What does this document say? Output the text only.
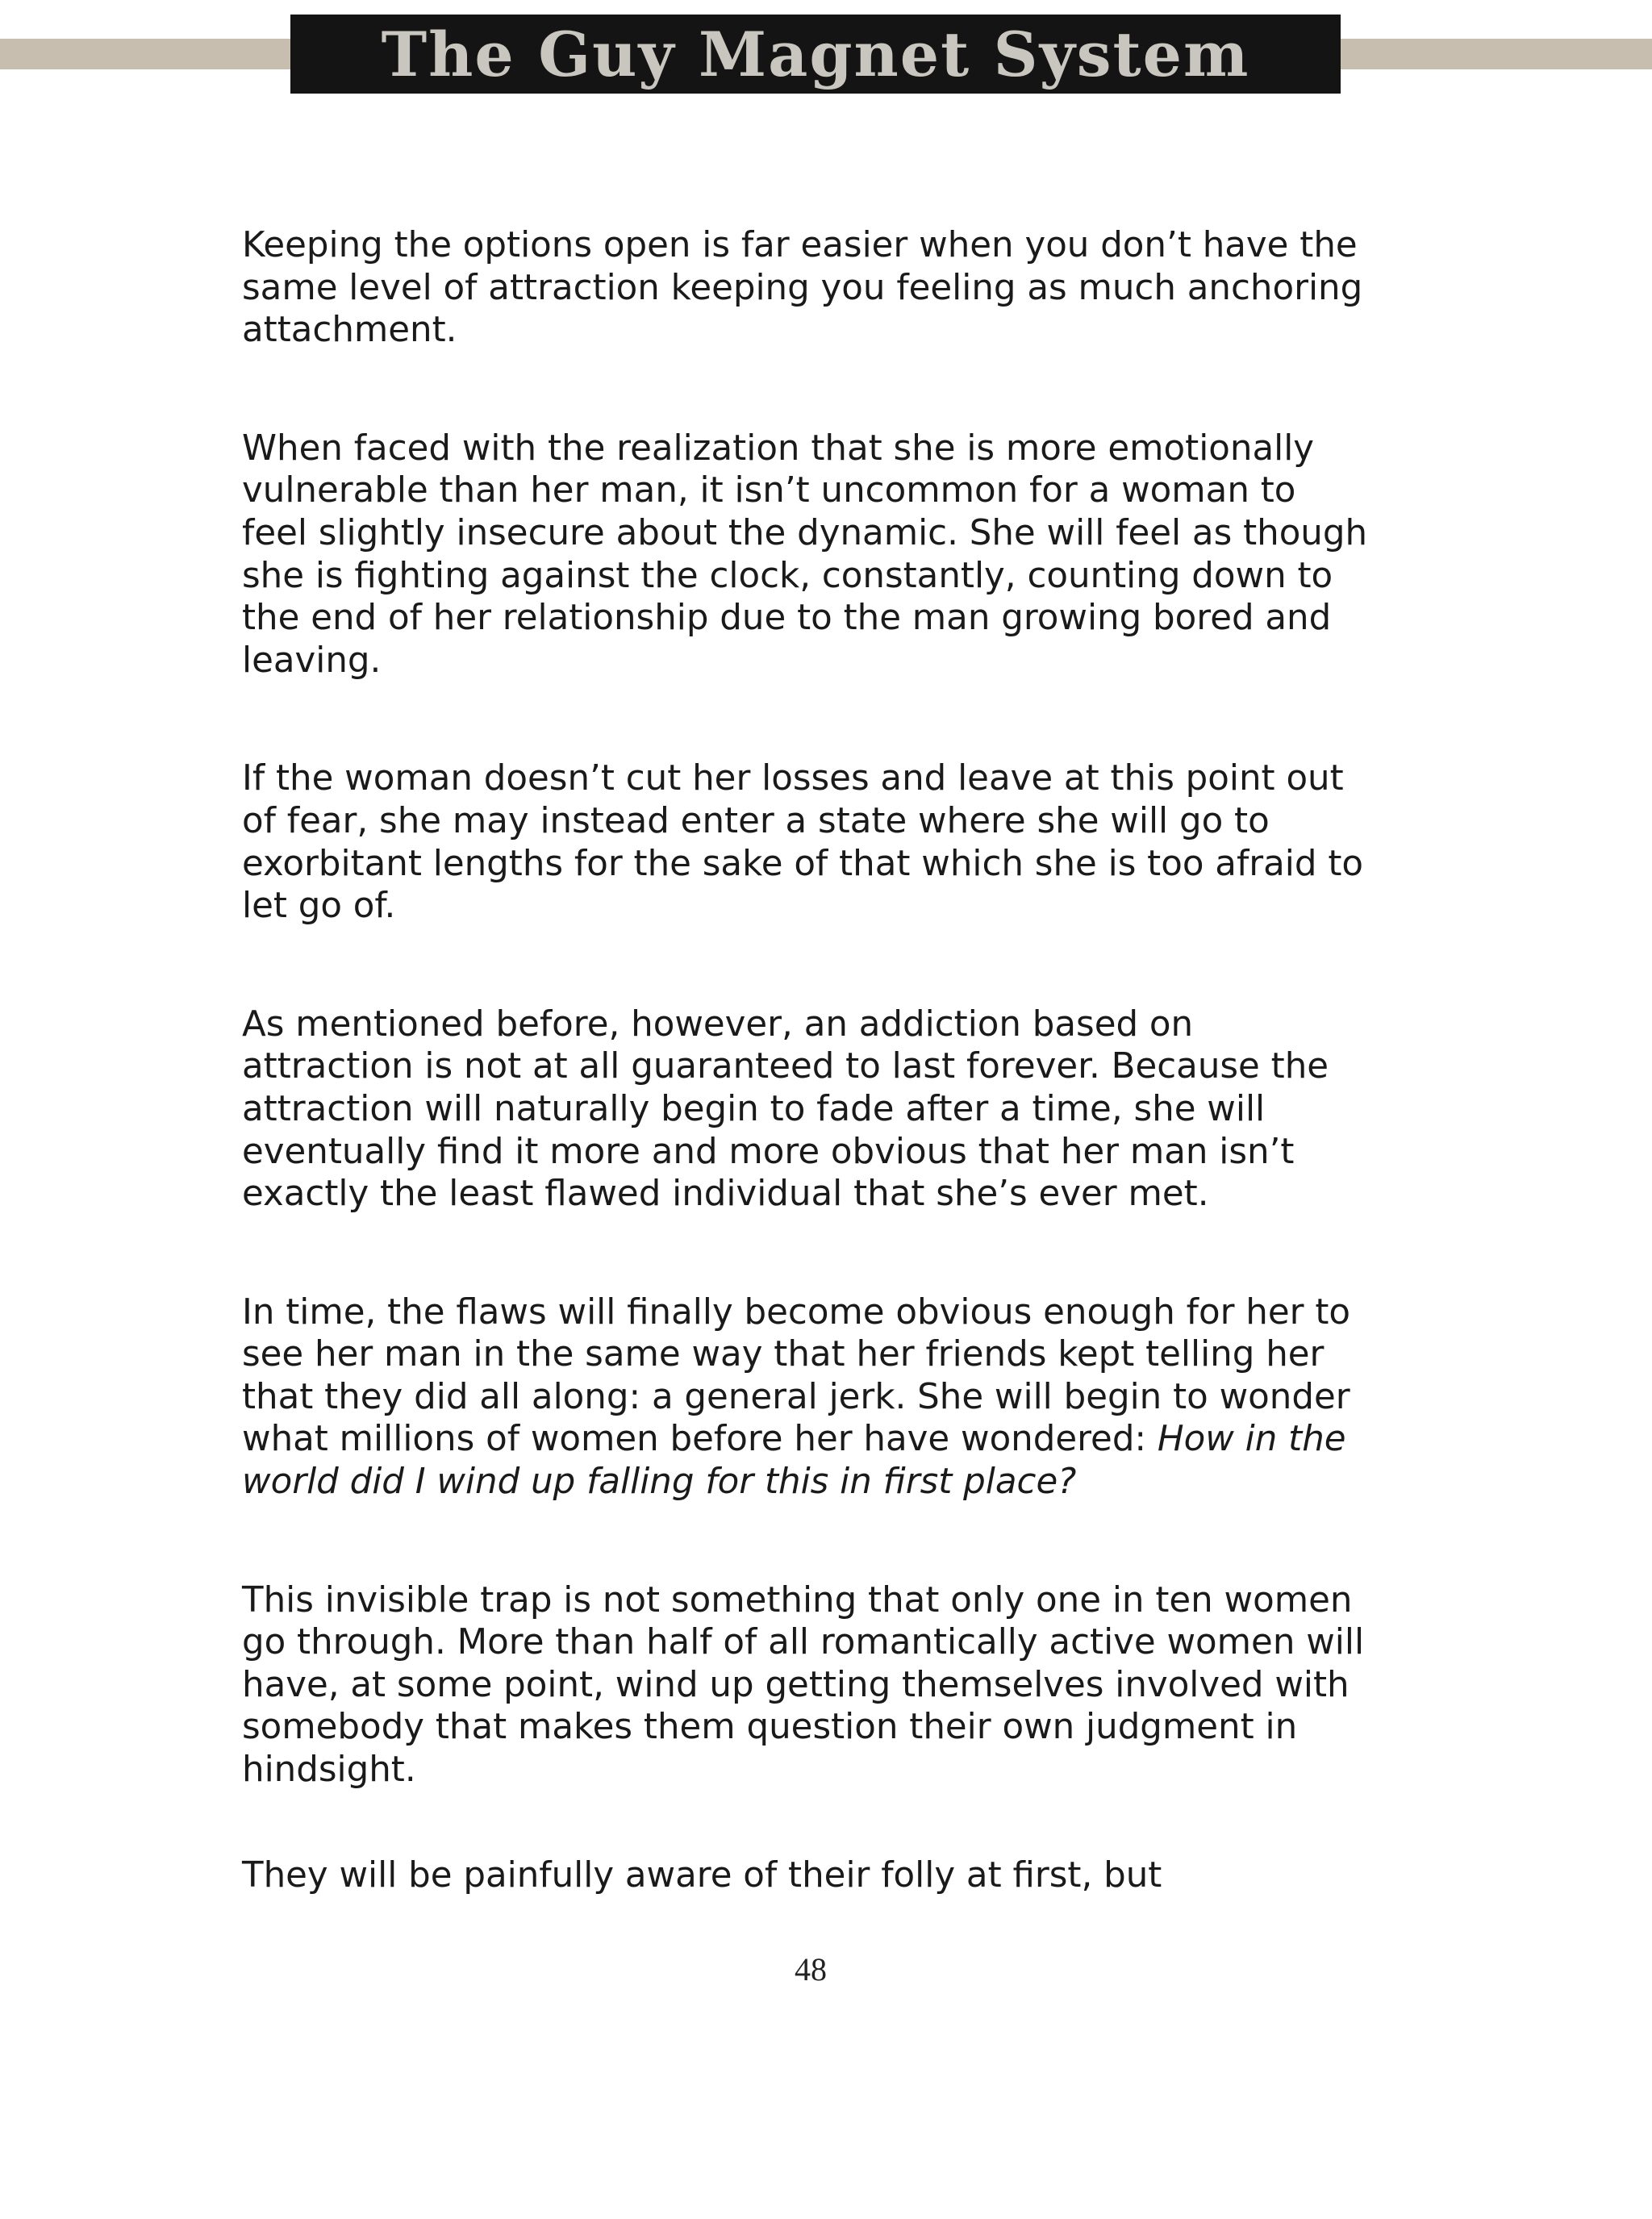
The Guy Magnet System

Keeping the options open is far easier when you don’t have the same level of attraction keeping you feeling as much anchoring attachment.

When faced with the realization that she is more emotionally vulnerable than her man, it isn’t uncommon for a woman to feel slightly insecure about the dynamic. She will feel as though she is fighting against the clock, constantly, counting down to the end of her relationship due to the man growing bored and leaving.

If the woman doesn’t cut her losses and leave at this point out of fear, she may instead enter a state where she will go to exorbitant lengths for the sake of that which she is too afraid to let go of.

As mentioned before, however, an addiction based on attraction is not at all guaranteed to last forever. Because the attraction will naturally begin to fade after a time, she will eventually find it more and more obvious that her man isn’t exactly the least flawed individual that she’s ever met.

In time, the flaws will finally become obvious enough for her to see her man in the same way that her friends kept telling her that they did all along: a general jerk. She will begin to wonder what millions of women before her have wondered: How in the world did I wind up falling for this in first place?

This invisible trap is not something that only one in ten women go through. More than half of all romantically active women will have, at some point, wind up getting themselves involved with somebody that makes them question their own judgment in hindsight.

They will be painfully aware of their folly at first, but

48
